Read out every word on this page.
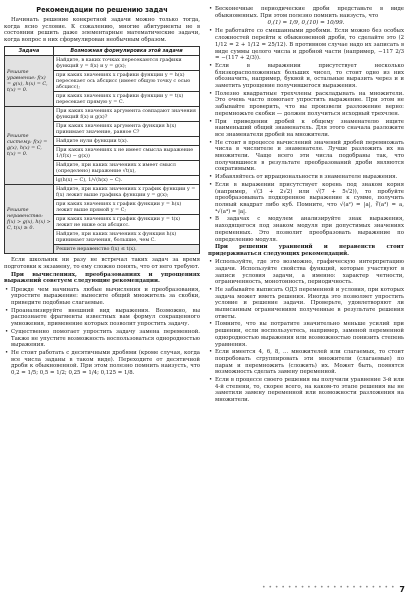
Рекомендации по решению задач

Начинать решение конкретной задачи можно только тогда, когда ясно условие. К сожалению, многие абитуриенты не в состоянии решить даже элементарные математические задачи, когда вопрос в них сформулирован необычным образом.

Задача	Возможная формулировка этой задачи
Решите уравнение: f(x) = g(x), h(x) = C, t(x) = 0.	Найдите, в каких точках пересекаются графики функций y = f(x) и y = g(x);
	при каких значениях x графики функции y = h(x) пересекает ось абсцисс (имеет общую точку с осью абсцисс);
	при каких значениях x графики функции y = t(x) пересекает прямую y = C.
Решите систему: f(x) = g(x), h(x) = C, t(x) = 0.	При каких значениях аргумента совпадают значения функций f(x) и g(x)?
	При каких значениях аргумента функция h(x) принимает значение, равное C?
	Найдите нули функции t(x).
	При каких значениях x не имеет смысла выражение 1/(f(x) − g(x))
	Найдите, при каких значениях x имеет смысл (определено) выражение √t(x),
	lg(h(x) − C), 1/√(h(x) − C).
Решите неравенство: f(x) > g(x), h(x) > C, t(x) ≥ 0.	Найдите, при каких значениях x график функции y = f(x) лежит выше графика функции y = g(x);
	при каких значениях x график функции y = h(x) лежит выше прямой y = C;
	при каких значениях x график функции y = t(x) лежит не ниже оси абсцисс.
	Найдите, при каких значениях x функция h(x) принимает значения, большие, чем C.
	Решите неравенство f(x) ≤ t(x).

Если школьник ни разу не встречал таких задач за время подготовки к экзамену, то ему сложно понять, что от него требуют.

При вычислениях, преобразованиях и упрощениях выражений советуем следующие рекомендации.

• Прежде чем начинать любые вычисления и преобразования, упростите выражение: вынесите общий множитель за скобки, приведите подобные слагаемые.
• Проанализируйте внешний вид выражения. Возможно, вы распознаете фрагменты известных вам формул сокращенного умножения, применение которых позволит упростить задачу.
• Существенно помогает упростить задачу замена переменной. Также не упустите возможность воспользоваться однородностью выражения.
• Не стоит работать с десятичными дробями (кроме случая, когда все числа заданы в таком виде). Переходите от десятичной дроби к обыкновенной. При этом полезно помнить наизусть, что 0,2 = 1/5; 0,5 = 1/2; 0,25 = 1/4; 0,125 = 1/8.
• Бесконечные периодические дроби представьте в виде обыкновенных. При этом полезно помнить наизусть, что
0,(1) = 1/9, 0,(10) = 10/99.
• Не работайте со смешанными дробями. Если можно без особых сложностей перейти к обыкновенной дроби, то сделайте это (2 1/12 = 2 + 1/12 = 25/12). В противном случае надо их записать в виде суммы целого числа и дробной части (например, −117 2/3 = −(117 + 2/3)).
• Если в выражении присутствует несколько близкорасположенных больших чисел, то стоит одно из них обозначить, например, буквой и, остальные выразить через и и заметить упрощение получившегося выражения.
• Полезно квадратные трехчлены раскладывать на множители. Это очень часто помогает упростить выражение. При этом не забывайте проверить, что вы произвели разложение верно: перемножьте скобки — должен получиться исходный трехчлен.
• При приведении дробей к общему знаменателю ищите наименьший общий знаменатель. Для этого сначала разложите все знаменатели дробей на множители.
• Не стоит в процессе вычислений значений дробей перемножать числа в числителе и знаменателе. Лучше разложить их на множители. Чаще всего эти числа подобраны так, что получившиеся в результате преобразований дроби являются сократимыми.
• Избавляйтесь от иррациональности в знаменателе выражения.
• Если в выражении присутствует корень под знаком корня (например, √(3 + 2√2) или √(7 + 5√2)), то пробуйте преобразовывать подкоренное выражение к сумме, получить полный квадрат либо куб. Помните, что √(a²) = |a|, ∛(a³) = a, ⁴√(a⁴) = |a|.
• В задачах с модулем анализируйте знак выражения, находящегося под знаком модуля при допустимых значениях переменных. Это позволит преобразовать выражение по определению модуля.

При решении уравнений и неравенств стоит придерживаться следующих рекомендаций.

• Используйте, где это возможно, графическую интерпретацию задачи. Используйте свойства функций, которые участвуют в записи условия задачи, а именно: характер четности, ограниченность, монотонность, периодичность.
• Не забывайте выписать ОДЗ переменной и условия, при которых задача может иметь решения. Иногда это позволяет упростить условие и решение задачи. Проверьте, удовлетворяют ли выписанным ограничениям полученные в результате решения ответы.
• Помните, что вы потратите значительно меньше усилий при решении, если воспользуетесь, например, заменой переменной однородностью выражения или возможностью понизить степень уравнения.
• Если имеется 4, 6, 8, ... множителей или слагаемых, то стоит попробовать сгруппировать эти множители (слагаемые) по парам и перемножить (сложить) их. Может быть, появятся возможность сделать замену переменной.
• Если в процессе своего решения вы получили уравнение 3-й или 4-й степени, то, скорее всего, на каком-то этапе решения вы не заметили замену переменной или возможности разложения на множители.
• • • • • • • • • • • • • • • • • • • • • 7
